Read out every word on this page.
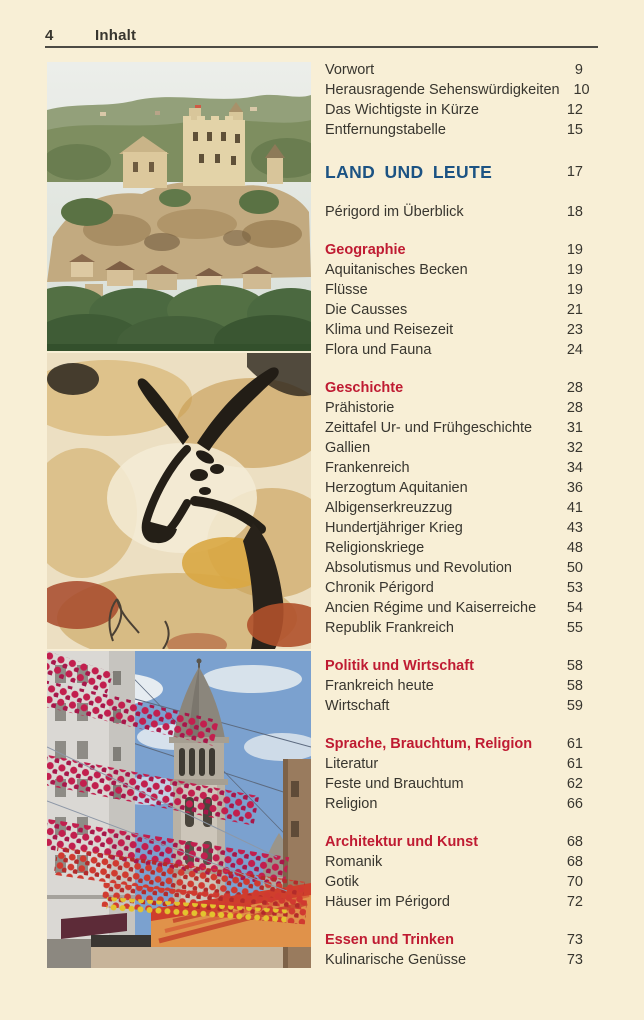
4	Inhalt
Vorwort	9
Herausragende Sehenswürdigkeiten 10
Das Wichtigste in Kürze	12
Entfernungstabelle	15
LAND UND LEUTE	17
Périgord im Überblick	18
Geographie	19
Aquitanisches Becken	19
Flüsse	19
Die Causses	21
Klima und Reisezeit	23
Flora und Fauna	24
Geschichte	28
Prähistorie	28
Zeittafel Ur- und Frühgeschichte	31
Gallien	32
Frankenreich	34
Herzogtum Aquitanien	36
Albigenserkreuzzug	41
Hundertjähriger Krieg	43
Religionskriege	48
Absolutismus und Revolution	50
Chronik Périgord	53
Ancien Régime und Kaiserreiche	54
Republik Frankreich	55
Politik und Wirtschaft	58
Frankreich heute	58
Wirtschaft	59
Sprache, Brauchtum, Religion	61
Literatur	61
Feste und Brauchtum	62
Religion	66
Architektur und Kunst	68
Romanik	68
Gotik	70
Häuser im Périgord	72
Essen und Trinken	73
Kulinarische Genüsse	73
